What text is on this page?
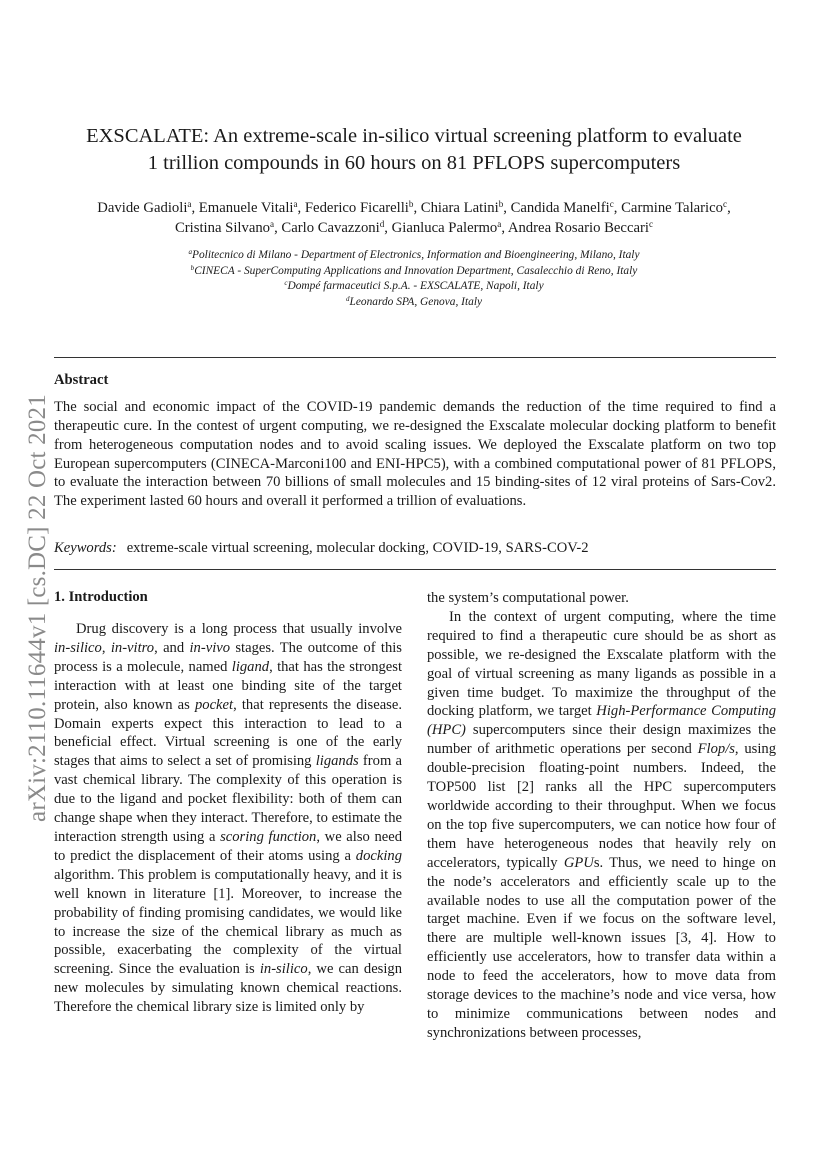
arXiv:2110.11644v1 [cs.DC] 22 Oct 2021
EXSCALATE: An extreme-scale in-silico virtual screening platform to evaluate
1 trillion compounds in 60 hours on 81 PFLOPS supercomputers
Davide Gadioli$^a$, Emanuele Vitali$^a$, Federico Ficarelli$^b$, Chiara Latini$^b$, Candida Manelfi$^c$, Carmine Talarico$^c$,
Cristina Silvano$^a$, Carlo Cavazzoni$^d$, Gianluca Palermo$^a$, Andrea Rosario Beccari$^c$
$^a$Politecnico di Milano - Department of Electronics, Information and Bioengineering, Milano, Italy
$^b$CINECA - SuperComputing Applications and Innovation Department, Casalecchio di Reno, Italy
$^c$Dompé farmaceutici S.p.A. - EXSCALATE, Napoli, Italy
$^d$Leonardo SPA, Genova, Italy
Abstract
The social and economic impact of the COVID-19 pandemic demands the reduction of the time required to find a therapeutic cure. In the contest of urgent computing, we re-designed the Exscalate molecular docking platform to benefit from heterogeneous computation nodes and to avoid scaling issues. We deployed the Exscalate platform on two top European supercomputers (CINECA-Marconi100 and ENI-HPC5), with a combined computational power of 81 PFLOPS, to evaluate the interaction between 70 billions of small molecules and 15 binding-sites of 12 viral proteins of Sars-Cov2. The experiment lasted 60 hours and overall it performed a trillion of evaluations.
Keywords: extreme-scale virtual screening, molecular docking, COVID-19, SARS-COV-2
1. Introduction

Drug discovery is a long process that usually involve in-silico, in-vitro, and in-vivo stages. The outcome of this process is a molecule, named ligand, that has the strongest interaction with at least one binding site of the target protein, also known as pocket, that represents the disease. Domain experts expect this interaction to lead to a beneficial effect. Virtual screening is one of the early stages that aims to select a set of promising ligands from a vast chemical library. The complexity of this operation is due to the ligand and pocket flexibility: both of them can change shape when they interact. Therefore, to estimate the interaction strength using a scoring function, we also need to predict the displacement of their atoms using a docking algorithm. This problem is computationally heavy, and it is well known in literature [1]. Moreover, to increase the probability of finding promising candidates, we would like to increase the size of the chemical library as much as possible, exacerbating the complexity of the virtual screening. Since the evaluation is in-silico, we can design new molecules by simulating known chemical reactions. Therefore the chemical library size is limited only by

the system’s computational power.

In the context of urgent computing, where the time required to find a therapeutic cure should be as short as possible, we re-designed the Exscalate platform with the goal of virtual screening as many ligands as possible in a given time budget. To maximize the throughput of the docking platform, we target High-Performance Computing (HPC) supercomputers since their design maximizes the number of arithmetic operations per second Flop/s, using double-precision floating-point numbers. Indeed, the TOP500 list [2] ranks all the HPC supercomputers worldwide according to their throughput. When we focus on the top five supercomputers, we can notice how four of them have heterogeneous nodes that heavily rely on accelerators, typically GPUs. Thus, we need to hinge on the node’s accelerators and efficiently scale up to the available nodes to use all the computation power of the target machine. Even if we focus on the software level, there are multiple well-known issues [3, 4]. How to efficiently use accelerators, how to transfer data within a node to feed the accelerators, how to move data from storage devices to the machine’s node and vice versa, how to minimize communications between nodes and synchronizations between processes,
